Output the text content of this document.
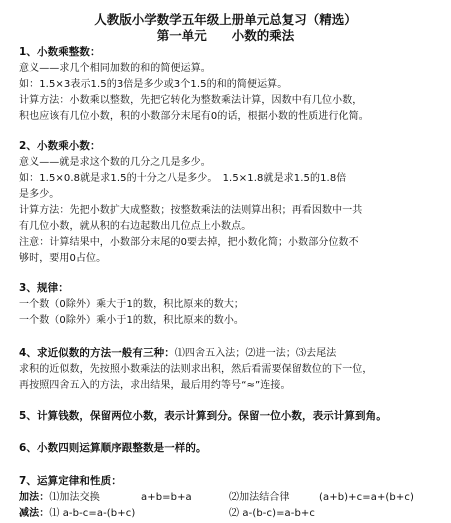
人教版小学数学五年级上册单元总复习（精选）
第一单元　　小数的乘法
1、小数乘整数：
意义——求几个相同加数的和的简便运算。
如：1.5×3表示1.5的3倍是多少或3个1.5的和的简便运算。
计算方法：小数乘以整数，先把它转化为整数乘法计算，因数中有几位小数，
积也应该有几位小数，积的小数部分末尾有0的话，根据小数的性质进行化简。
2、小数乘小数：
意义——就是求这个数的几分之几是多少。
如：1.5×0.8就是求1.5的十分之八是多少。　1.5×1.8就是求1.5的1.8倍
是多少。
计算方法：先把小数扩大成整数；按整数乘法的法则算出积；再看因数中一共
有几位小数，就从积的右边起数出几位点上小数点。
注意：计算结果中，小数部分末尾的0要去掉，把小数化简；小数部分位数不
够时，要用0占位。
3、规律：
一个数（0除外）乘大于1的数，积比原来的数大；
一个数（0除外）乘小于1的数，积比原来的数小。
4、求近似数的方法一般有三种：⑴四舍五入法；⑵进一法；⑶去尾法
求积的近似数，先按照小数乘法的法则求出积，然后看需要保留数位的下一位，
再按照四舍五入的方法，求出结果，最后用约等号“≈”连接。
5、计算钱数，保留两位小数，表示计算到分。保留一位小数，表示计算到角。
6、小数四则运算顺序跟整数是一样的。
7、运算定律和性质：
加法：⑴加法交换	a+b=b+a	⑵加法结合律	(a+b)+c=a+(b+c)
减法：⑴ a-b-c=a-(b+c)	⑵ a-(b-c)=a-b+c
